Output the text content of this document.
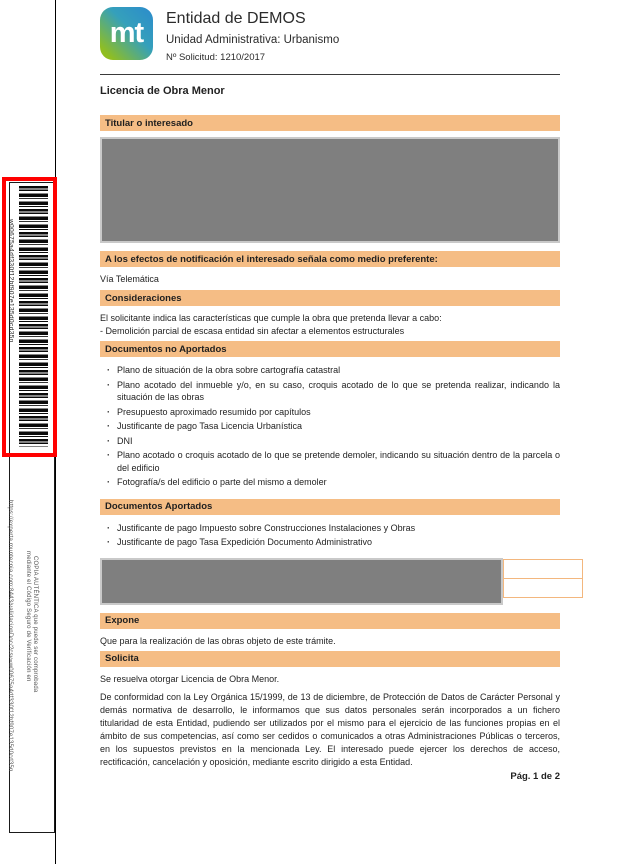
w00675a4df330f12bf907e135d0cd35n
COPIA AUTÉNTICA que puede ser comprobada
mediante el Código Seguro de Verificación en
https://experta.muntecnia.com:8443/validacionDoc/?csv=w00675a4df330f12bf907e135d0cd35n
mt Entidad de DEMOS
Unidad Administrativa: Urbanismo
Nº Solicitud: 1210/2017
Licencia de Obra Menor
Titular o interesado
A los efectos de notificación el interesado señala como medio preferente:
Vía Telemática
Consideraciones
El solicitante indica las características que cumple la obra que pretenda llevar a cabo:
- Demolición parcial de escasa entidad sin afectar a elementos estructurales
Documentos no Aportados
· Plano de situación de la obra sobre cartografía catastral
· Plano acotado del inmueble y/o, en su caso, croquis acotado de lo que se pretenda realizar, indicando la situación de las obras
· Presupuesto aproximado resumido por capítulos
· Justificante de pago Tasa Licencia Urbanística
· DNI
· Plano acotado o croquis acotado de lo que se pretende demoler, indicando su situación dentro de la parcela o del edificio
· Fotografía/s del edificio o parte del mismo a demoler
Documentos Aportados
· Justificante de pago Impuesto sobre Construcciones Instalaciones y Obras
· Justificante de pago Tasa Expedición Documento Administrativo
Expone
Que para la realización de las obras objeto de este trámite.
Solicita
Se resuelva otorgar Licencia de Obra Menor.
De conformidad con la Ley Orgánica 15/1999, de 13 de diciembre, de Protección de Datos de Carácter Personal y demás normativa de desarrollo, le informamos que sus datos personales serán incorporados a un fichero titularidad de esta Entidad, pudiendo ser utilizados por el mismo para el ejercicio de las funciones propias en el ámbito de sus competencias, así como ser cedidos o comunicados a otras Administraciones Públicas o terceros, en los supuestos previstos en la mencionada Ley. El interesado puede ejercer los derechos de acceso, rectificación, cancelación y oposición, mediante escrito dirigido a esta Entidad.
Pág. 1 de 2
